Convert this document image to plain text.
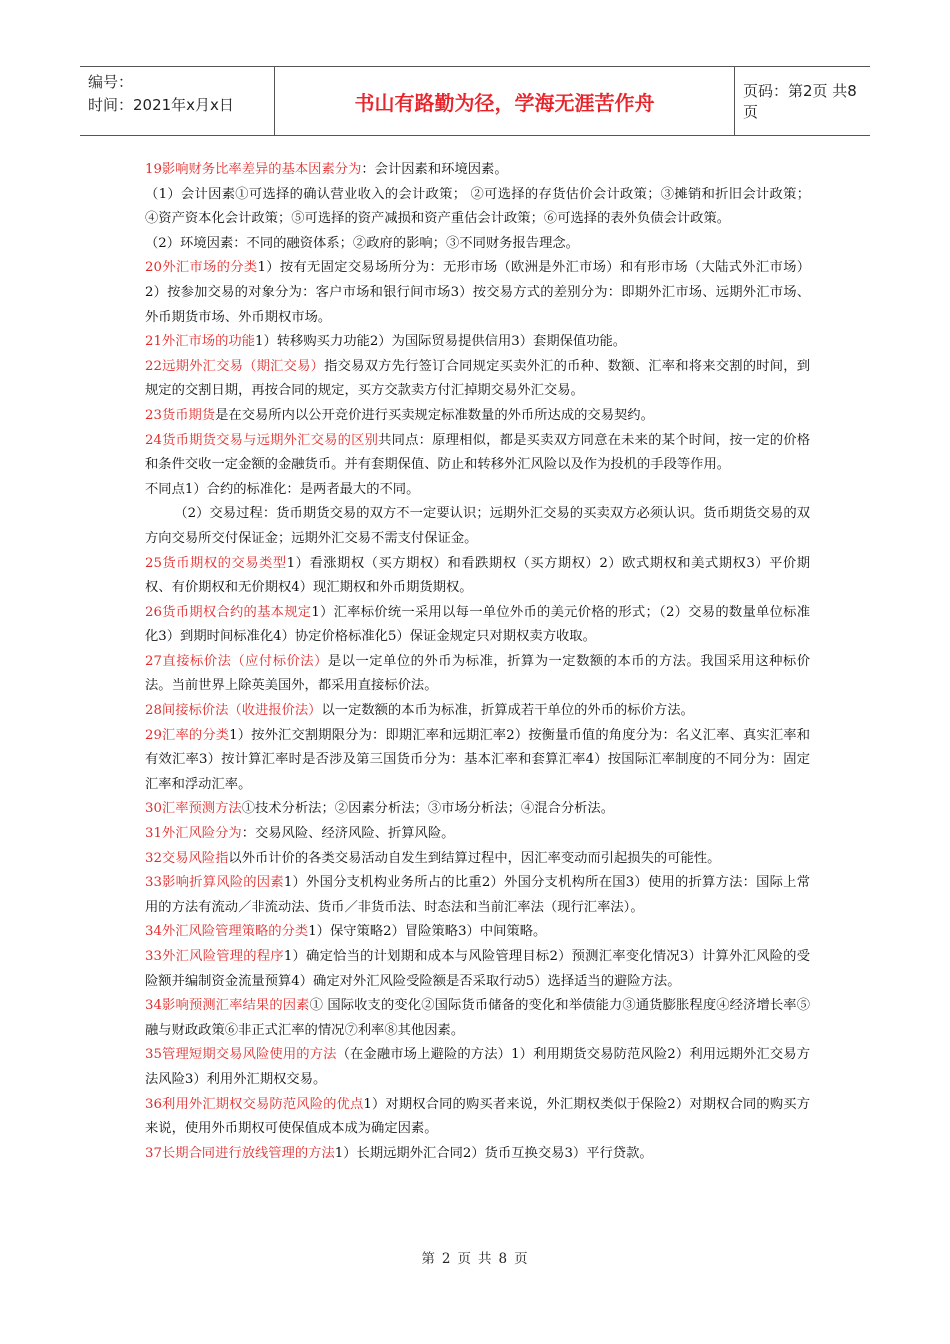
编号：
时间：2021年x月x日	书山有路勤为径，学海无涯苦作舟	页码：第2页 共8页

19影响财务比率差异的基本因素分为：会计因素和环境因素。

（1）会计因素①可选择的确认营业收入的会计政策； ②可选择的存货估价会计政策；③摊销和折旧会计政策； ④资产资本化会计政策；⑤可选择的资产减损和资产重估会计政策；⑥可选择的表外负债会计政策。

（2）环境因素：不同的融资体系；②政府的影响；③不同财务报告理念。

20外汇市场的分类1）按有无固定交易场所分为：无形市场（欧洲是外汇市场）和有形市场（大陆式外汇市场）2）按参加交易的对象分为：客户市场和银行间市场3）按交易方式的差别分为：即期外汇市场、远期外汇市场、外币期货市场、外币期权市场。

21外汇市场的功能1）转移购买力功能2）为国际贸易提供信用3）套期保值功能。

22远期外汇交易（期汇交易）指交易双方先行签订合同规定买卖外汇的币种、数额、汇率和将来交割的时间，到规定的交割日期，再按合同的规定，买方交款卖方付汇掉期交易外汇交易。

23货币期货是在交易所内以公开竞价进行买卖规定标准数量的外币所达成的交易契约。

24货币期货交易与远期外汇交易的区别共同点：原理相似，都是买卖双方同意在未来的某个时间，按一定的价格和条件交收一定金额的金融货币。并有套期保值、防止和转移外汇风险以及作为投机的手段等作用。

不同点1）合约的标准化：是两者最大的不同。

（2）交易过程：货币期货交易的双方不一定要认识；远期外汇交易的买卖双方必须认识。货币期货交易的双方向交易所交付保证金；远期外汇交易不需支付保证金。

25货币期权的交易类型1）看涨期权（买方期权）和看跌期权（买方期权）2）欧式期权和美式期权3）平价期权、有价期权和无价期权4）现汇期权和外币期货期权。

26货币期权合约的基本规定1）汇率标价统一采用以每一单位外币的美元价格的形式；（2）交易的数量单位标准化3）到期时间标准化4）协定价格标准化5）保证金规定只对期权卖方收取。

27直接标价法（应付标价法）是以一定单位的外币为标准，折算为一定数额的本币的方法。我国采用这种标价法。当前世界上除英美国外，都采用直接标价法。

28间接标价法（收进报价法）以一定数额的本币为标准，折算成若干单位的外币的标价方法。

29汇率的分类1）按外汇交割期限分为：即期汇率和远期汇率2）按衡量币值的角度分为：名义汇率、真实汇率和有效汇率3）按计算汇率时是否涉及第三国货币分为：基本汇率和套算汇率4）按国际汇率制度的不同分为：固定汇率和浮动汇率。

30汇率预测方法①技术分析法；②因素分析法；③市场分析法；④混合分析法。

31外汇风险分为：交易风险、经济风险、折算风险。

32交易风险指以外币计价的各类交易活动自发生到结算过程中，因汇率变动而引起损失的可能性。

33影响折算风险的因素1）外国分支机构业务所占的比重2）外国分支机构所在国3）使用的折算方法：国际上常用的方法有流动／非流动法、货币／非货币法、时态法和当前汇率法（现行汇率法）。

34外汇风险管理策略的分类1）保守策略2）冒险策略3）中间策略。

33外汇风险管理的程序1）确定恰当的计划期和成本与风险管理目标2）预测汇率变化情况3）计算外汇风险的受险额并编制资金流量预算4）确定对外汇风险受险额是否采取行动5）选择适当的避险方法。

34影响预测汇率结果的因素① 国际收支的变化②国际货币储备的变化和举债能力③通货膨胀程度④经济增长率⑤ 融与财政政策⑥非正式汇率的情况⑦利率⑧其他因素。

35管理短期交易风险使用的方法（在金融市场上避险的方法）1）利用期货交易防范风险2）利用远期外汇交易方法风险3）利用外汇期权交易。

36利用外汇期权交易防范风险的优点1）对期权合同的购买者来说，外汇期权类似于保险2）对期权合同的购买方来说，使用外币期权可使保值成本成为确定因素。

37长期合同进行放线管理的方法1）长期远期外汇合同2）货币互换交易3）平行贷款。

第 2 页 共 8 页
